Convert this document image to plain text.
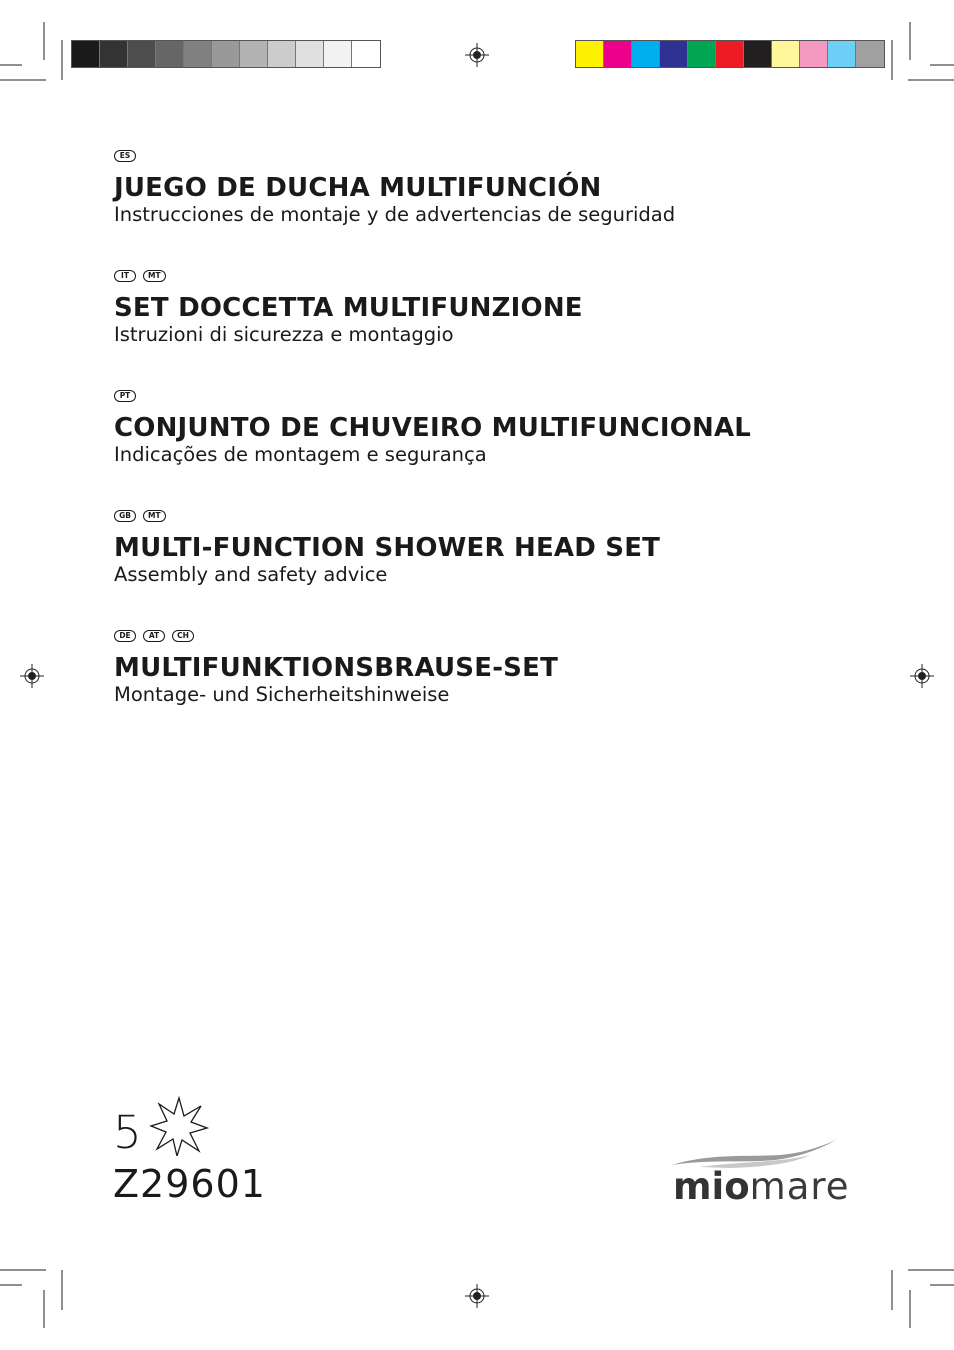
ES
JUEGO DE DUCHA MULTIFUNCIÓN
Instrucciones de montaje y de advertencias de seguridad
IT	MT
SET DOCCETTA MULTIFUNZIONE
Istruzioni di sicurezza e montaggio
PT
CONJUNTO DE CHUVEIRO MULTIFUNCIONAL
Indicações de montagem e segurança
GB	MT
MULTI-FUNCTION SHOWER HEAD SET
Assembly and safety advice
DE	AT	CH
MULTIFUNKTIONSBRAUSE-SET
Montage- und Sicherheitshinweise
5
Z29601	miomare
